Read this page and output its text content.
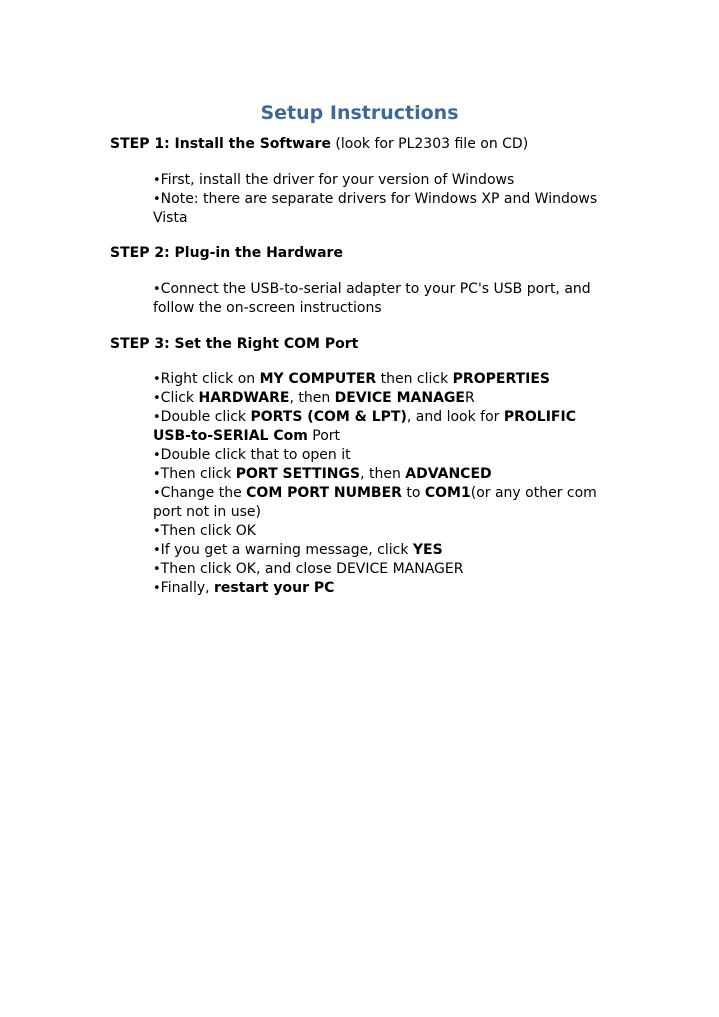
Setup Instructions
STEP 1: Install the Software (look for PL2303 file on CD)
•First, install the driver for your version of Windows
•Note: there are separate drivers for Windows XP and Windows Vista
STEP 2: Plug-in the Hardware
•Connect the USB-to-serial adapter to your PC's USB port, and follow the on-screen instructions
STEP 3: Set the Right COM Port
•Right click on MY COMPUTER then click PROPERTIES
•Click HARDWARE, then DEVICE MANAGER
•Double click PORTS (COM & LPT), and look for PROLIFIC USB-to-SERIAL Com Port
•Double click that to open it
•Then click PORT SETTINGS, then ADVANCED
•Change the COM PORT NUMBER to COM1(or any other com port not in use)
•Then click OK
•If you get a warning message, click YES
•Then click OK, and close DEVICE MANAGER
•Finally, restart your PC
